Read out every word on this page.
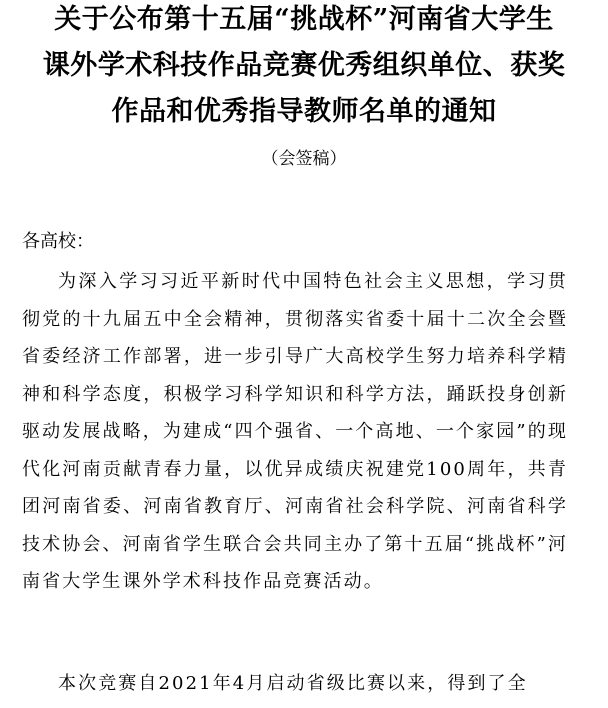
关于公布第十五届“挑战杯”河南省大学生
课外学术科技作品竞赛优秀组织单位、获奖
作品和优秀指导教师名单的通知
（会签稿）
各高校：

为深入学习习近平新时代中国特色社会主义思想，学习贯彻党的十九届五中全会精神，贯彻落实省委十届十二次全会暨省委经济工作部署，进一步引导广大高校学生努力培养科学精神和科学态度，积极学习科学知识和科学方法，踊跃投身创新驱动发展战略，为建成“四个强省、一个高地、一个家园”的现代化河南贡献青春力量，以优异成绩庆祝建党100周年，共青团河南省委、河南省教育厅、河南省社会科学院、河南省科学技术协会、河南省学生联合会共同主办了第十五届“挑战杯”河南省大学生课外学术科技作品竞赛活动。

本次竞赛自2021年4月启动省级比赛以来，得到了全
